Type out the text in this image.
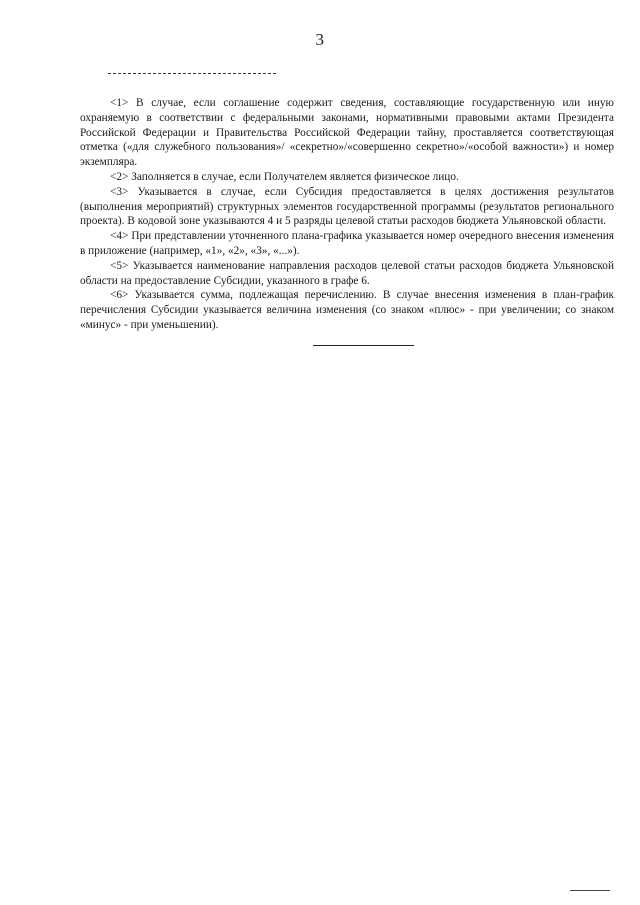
3

<1> В случае, если соглашение содержит сведения, составляющие государственную или иную охраняемую в соответствии с федеральными законами, нормативными правовыми актами Президента Российской Федерации и Правительства Российской Федерации тайну, проставляется соответствующая отметка («для служебного пользования»/ «секретно»/«совершенно секретно»/«особой важности») и номер экземпляра.

<2> Заполняется в случае, если Получателем является физическое лицо.

<3> Указывается в случае, если Субсидия предоставляется в целях достижения результатов (выполнения мероприятий) структурных элементов государственной программы (результатов регионального проекта). В кодовой зоне указываются 4 и 5 разряды целевой статьи расходов бюджета Ульяновской области.

<4> При представлении уточненного плана-графика указывается номер очередного внесения изменения в приложение (например, «1», «2», «3», «...»).

<5> Указывается наименование направления расходов целевой статьи расходов бюджета Ульяновской области на предоставление Субсидии, указанного в графе 6.

<6> Указывается сумма, подлежащая перечислению. В случае внесения изменения в план-график перечисления Субсидии указывается величина изменения (со знаком «плюс» - при увеличении; со знаком «минус» - при уменьшении).
